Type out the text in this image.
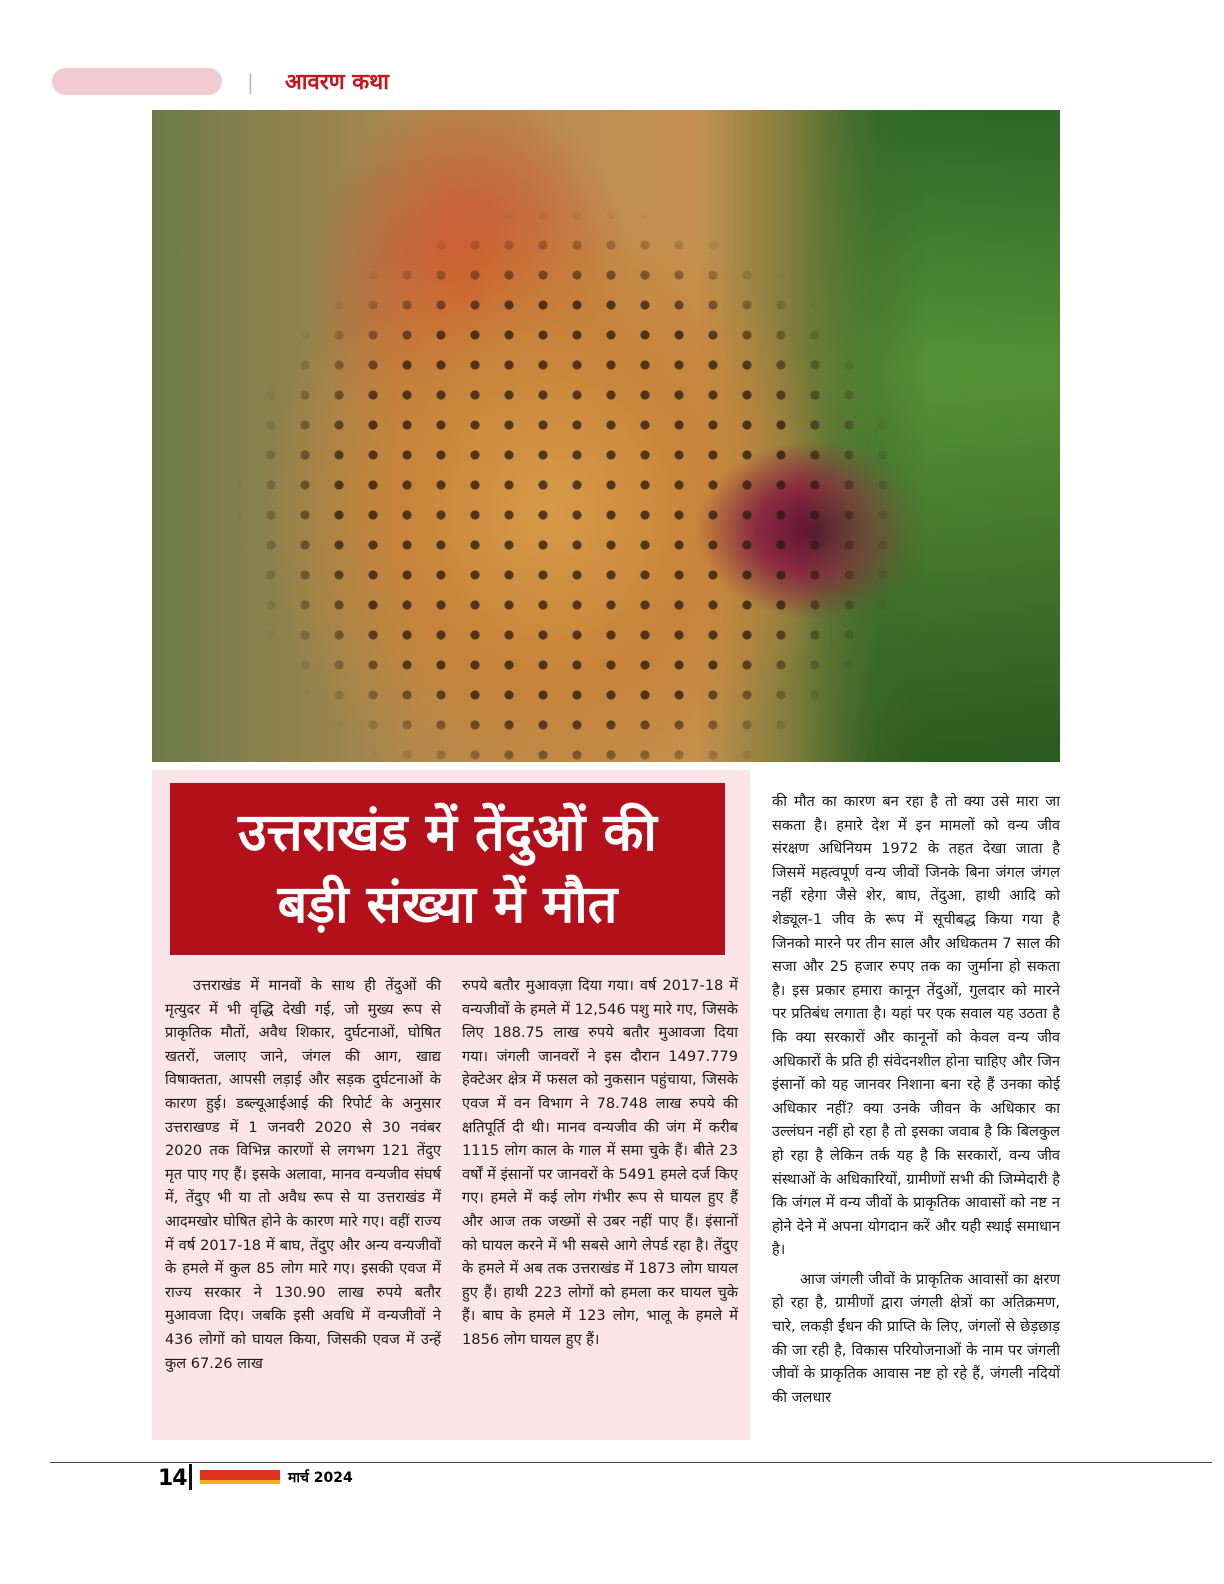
| आवरण कथा
उत्तराखंड में तेंदुओं की
बड़ी संख्या में मौत

उत्तराखंड में मानवों के साथ ही तेंदुओं की मृत्युदर में भी वृद्धि देखी गई, जो मुख्य रूप से प्राकृतिक मौतों, अवैध शिकार, दुर्घटनाओं, घोषित खतरों, जलाए जाने, जंगल की आग, खाद्य विषाक्तता, आपसी लड़ाई और सड़क दुर्घटनाओं के कारण हुई। डब्ल्यूआईआई की रिपोर्ट के अनुसार उत्तराखण्ड में 1 जनवरी 2020 से 30 नवंबर 2020 तक विभिन्न कारणों से लगभग 121 तेंदुए मृत पाए गए हैं। इसके अलावा, मानव वन्यजीव संघर्ष में, तेंदुए भी या तो अवैध रूप से या उत्तराखंड में आदमखोर घोषित होने के कारण मारे गए। वहीं राज्य में वर्ष 2017-18 में बाघ, तेंदुए और अन्य वन्यजीवों के हमले में कुल 85 लोग मारे गए। इसकी एवज में राज्य सरकार ने 130.90 लाख रुपये बतौर मुआवजा दिए। जबकि इसी अवधि में वन्यजीवों ने 436 लोगों को घायल किया, जिसकी एवज में उन्हें कुल 67.26 लाख

रुपये बतौर मुआवज़ा दिया गया। वर्ष 2017-18 में वन्यजीवों के हमले में 12,546 पशु मारे गए, जिसके लिए 188.75 लाख रुपये बतौर मुआवजा दिया गया। जंगली जानवरों ने इस दौरान 1497.779 हेक्टेअर क्षेत्र में फसल को नुकसान पहुंचाया, जिसके एवज में वन विभाग ने 78.748 लाख रुपये की क्षतिपूर्ति दी थी। मानव वन्यजीव की जंग में करीब 1115 लोग काल के गाल में समा चुके हैं। बीते 23 वर्षों में इंसानों पर जानवरों के 5491 हमले दर्ज किए गए। हमले में कई लोग गंभीर रूप से घायल हुए हैं और आज तक जख्मों से उबर नहीं पाए हैं। इंसानों को घायल करने में भी सबसे आगे लेपर्ड रहा है। तेंदुए के हमले में अब तक उत्तराखंड में 1873 लोग घायल हुए हैं। हाथी 223 लोगों को हमला कर घायल चुके हैं। बाघ के हमले में 123 लोग, भालू के हमले में 1856 लोग घायल हुए हैं।

की मौत का कारण बन रहा है तो क्या उसे मारा जा सकता है। हमारे देश में इन मामलों को वन्य जीव संरक्षण अधिनियम 1972 के तहत देखा जाता है जिसमें महत्वपूर्ण वन्य जीवों जिनके बिना जंगल जंगल नहीं रहेगा जैसे शेर, बाघ, तेंदुआ, हाथी आदि को शेड्यूल-1 जीव के रूप में सूचीबद्ध किया गया है जिनको मारने पर तीन साल और अधिकतम 7 साल की सजा और 25 हजार रुपए तक का जुर्माना हो सकता है। इस प्रकार हमारा कानून तेंदुओं, गुलदार को मारने पर प्रतिबंध लगाता है। यहां पर एक सवाल यह उठता है कि क्या सरकारों और कानूनों को केवल वन्य जीव अधिकारों के प्रति ही संवेदनशील होना चाहिए और जिन इंसानों को यह जानवर निशाना बना रहे हैं उनका कोई अधिकार नहीं? क्या उनके जीवन के अधिकार का उल्लंघन नहीं हो रहा है तो इसका जवाब है कि बिलकुल हो रहा है लेकिन तर्क यह है कि सरकारों, वन्य जीव संस्थाओं के अधिकारियों, ग्रामीणों सभी की जिम्मेदारी है कि जंगल में वन्य जीवों के प्राकृतिक आवासों को नष्ट न होने देने में अपना योगदान करें और यही स्थाई समाधान है।

आज जंगली जीवों के प्राकृतिक आवासों का क्षरण हो रहा है, ग्रामीणों द्वारा जंगली क्षेत्रों का अतिक्रमण, चारे, लकड़ी ईंधन की प्राप्ति के लिए, जंगलों से छेड़छाड़ की जा रही है, विकास परियोजनाओं के नाम पर जंगली जीवों के प्राकृतिक आवास नष्ट हो रहे हैं, जंगली नदियों की जलधार

14	मार्च 2024
